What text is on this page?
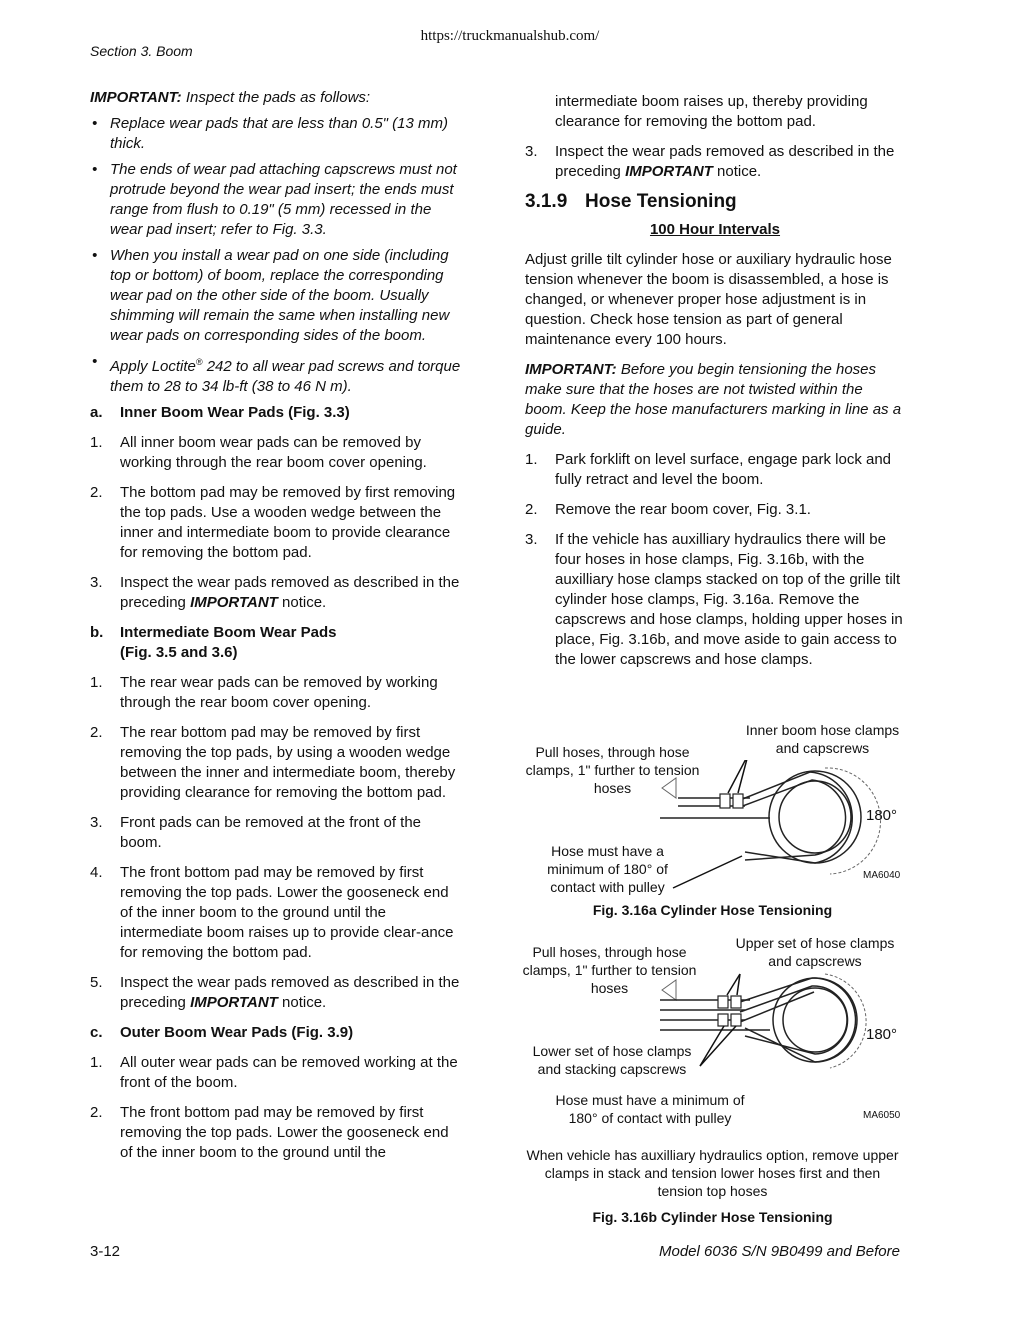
https://truckmanualshub.com/
Section 3. Boom

IMPORTANT: Inspect the pads as follows:

• Replace wear pads that are less than 0.5" (13 mm) thick.

• The ends of wear pad attaching capscrews must not protrude beyond the wear pad insert; the ends must range from flush to 0.19" (5 mm) recessed in the wear pad insert; refer to Fig. 3.3.

• When you install a wear pad on one side (including top or bottom) of boom, replace the corresponding wear pad on the other side of the boom. Usually shimming will remain the same when installing new wear pads on corresponding sides of the boom.

• Apply Loctite® 242 to all wear pad screws and torque them to 28 to 34 lb-ft (38 to 46 N m).

a. Inner Boom Wear Pads (Fig. 3.3)

1. All inner boom wear pads can be removed by working through the rear boom cover opening.

2. The bottom pad may be removed by first removing the top pads. Use a wooden wedge between the inner and intermediate boom to provide clearance for removing the bottom pad.

3. Inspect the wear pads removed as described in the preceding IMPORTANT notice.

b. Intermediate Boom Wear Pads
(Fig. 3.5 and 3.6)

1. The rear wear pads can be removed by working through the rear boom cover opening.

2. The rear bottom pad may be removed by first removing the top pads, by using a wooden wedge between the inner and intermediate boom, thereby providing clearance for removing the bottom pad.

3. Front pads can be removed at the front of the boom.

4. The front bottom pad may be removed by first removing the top pads. Lower the gooseneck end of the inner boom to the ground until the intermediate boom raises up to provide clear-ance for removing the bottom pad.

5. Inspect the wear pads removed as described in the preceding IMPORTANT notice.

c. Outer Boom Wear Pads (Fig. 3.9)

1. All outer wear pads can be removed working at the front of the boom.

2. The front bottom pad may be removed by first removing the top pads. Lower the gooseneck end of the inner boom to the ground until the

intermediate boom raises up, thereby providing clearance for removing the bottom pad.

3. Inspect the wear pads removed as described in the preceding IMPORTANT notice.

3.1.9 Hose Tensioning

100 Hour Intervals

Adjust grille tilt cylinder hose or auxiliary hydraulic hose tension whenever the boom is disassembled, a hose is changed, or whenever proper hose adjustment is in question. Check hose tension as part of general maintenance every 100 hours.

IMPORTANT: Before you begin tensioning the hoses make sure that the hoses are not twisted within the boom. Keep the hose manufacturers marking in line as a guide.

1. Park forklift on level surface, engage park lock and fully retract and level the boom.

2. Remove the rear boom cover, Fig. 3.1.

3. If the vehicle has auxilliary hydraulics there will be four hoses in hose clamps, Fig. 3.16b, with the auxilliary hose clamps stacked on top of the grille tilt cylinder hose clamps, Fig. 3.16a. Remove the capscrews and hose clamps, holding upper hoses in place, Fig. 3.16b, and move aside to gain access to the lower capscrews and hose clamps.

Pull hoses, through hose clamps, 1" further to tension hoses
Inner boom hose clamps and capscrews
Hose must have a minimum of 180° of contact with pulley
MA6040
180°
Fig. 3.16a Cylinder Hose Tensioning
Pull hoses, through hose clamps, 1" further to tension hoses
Upper set of hose clamps and capscrews
Lower set of hose clamps and stacking capscrews
Hose must have a minimum of 180° of contact with pulley	MA6050
180°
When vehicle has auxilliary hydraulics option, remove upper clamps in stack and tension lower hoses first and then tension top hoses
Fig. 3.16b Cylinder Hose Tensioning
3-12	Model 6036 S/N 9B0499 and Before
